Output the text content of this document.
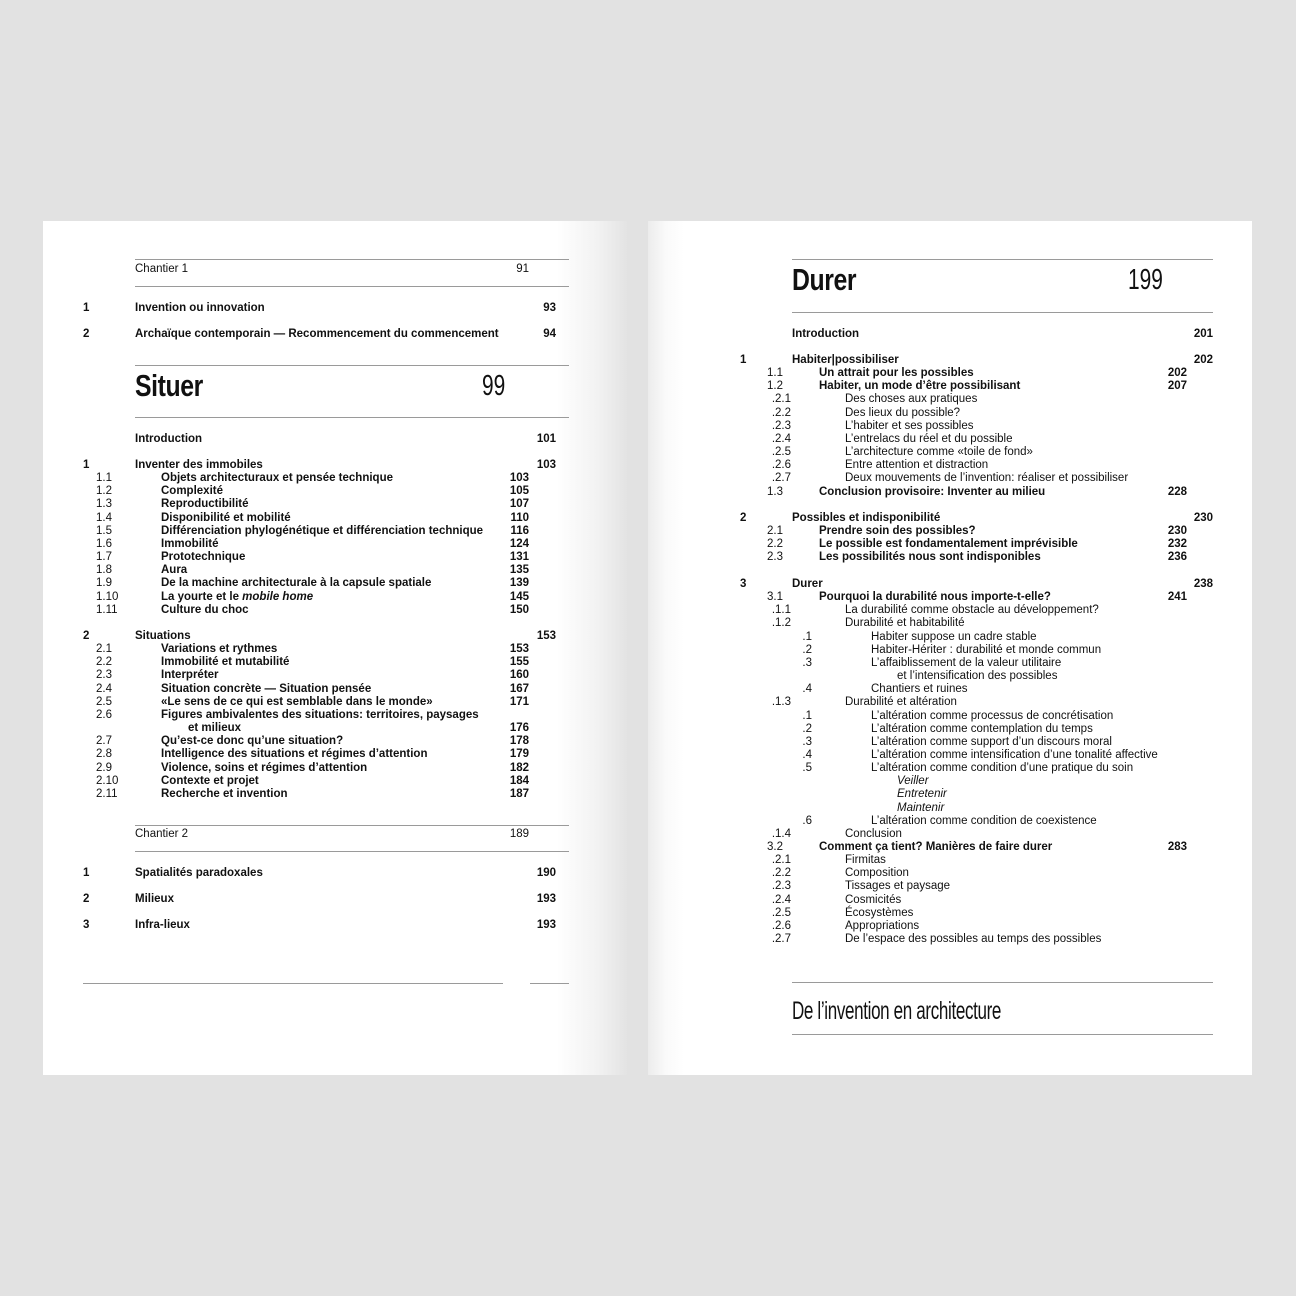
Chantier 1	91
1	Invention ou innovation	93
2	Archaïque contemporain — Recommencement du commencement	94
Situer	99
Introduction	101
1	Inventer des immobiles	103
1.1	Objets architecturaux et pensée technique	103
1.2	Complexité	105
1.3	Reproductibilité	107
1.4	Disponibilité et mobilité	110
1.5	Différenciation phylogénétique et différenciation technique	116
1.6	Immobilité	124
1.7	Prototechnique	131
1.8	Aura	135
1.9	De la machine architecturale à la capsule spatiale	139
1.10	La yourte et le mobile home	145
1.11	Culture du choc	150
2	Situations	153
2.1	Variations et rythmes	153
2.2	Immobilité et mutabilité	155
2.3	Interpréter	160
2.4	Situation concrète — Situation pensée	167
2.5	«Le sens de ce qui est semblable dans le monde»	171
2.6	Figures ambivalentes des situations: territoires, paysages
et milieux	176
2.7	Qu’est-ce donc qu’une situation?	178
2.8	Intelligence des situations et régimes d’attention	179
2.9	Violence, soins et régimes d’attention	182
2.10	Contexte et projet	184
2.11	Recherche et invention	187
Chantier 2	189
1	Spatialités paradoxales	190
2	Milieux	193
3	Infra-lieux	193
Durer	199
Introduction	201
1	Habiter|possibiliser	202
1.1	Un attrait pour les possibles	202
1.2	Habiter, un mode d’être possibilisant	207
.2.1	Des choses aux pratiques
.2.2	Des lieux du possible?
.2.3	L’habiter et ses possibles
.2.4	L’entrelacs du réel et du possible
.2.5	L’architecture comme «toile de fond»
.2.6	Entre attention et distraction
.2.7	Deux mouvements de l’invention: réaliser et possibiliser
1.3	Conclusion provisoire: Inventer au milieu	228
2	Possibles et indisponibilité	230
2.1	Prendre soin des possibles?	230
2.2	Le possible est fondamentalement imprévisible	232
2.3	Les possibilités nous sont indisponibles	236
3	Durer	238
3.1	Pourquoi la durabilité nous importe-t-elle?	241
.1.1	La durabilité comme obstacle au développement?
.1.2	Durabilité et habitabilité
.1	Habiter suppose un cadre stable
.2	Habiter-Hériter : durabilité et monde commun
.3	L’affaiblissement de la valeur utilitaire
et l’intensification des possibles
.4	Chantiers et ruines
.1.3	Durabilité et altération
.1	L’altération comme processus de concrétisation
.2	L’altération comme contemplation du temps
.3	L’altération comme support d’un discours moral
.4	L’altération comme intensification d’une tonalité affective
.5	L’altération comme condition d’une pratique du soin
Veiller
Entretenir
Maintenir
.6	L’altération comme condition de coexistence
.1.4	Conclusion
3.2	Comment ça tient? Manières de faire durer	283
.2.1	Firmitas
.2.2	Composition
.2.3	Tissages et paysage
.2.4	Cosmicités
.2.5	Écosystèmes
.2.6	Appropriations
.2.7	De l’espace des possibles au temps des possibles
De l’invention en architecture
